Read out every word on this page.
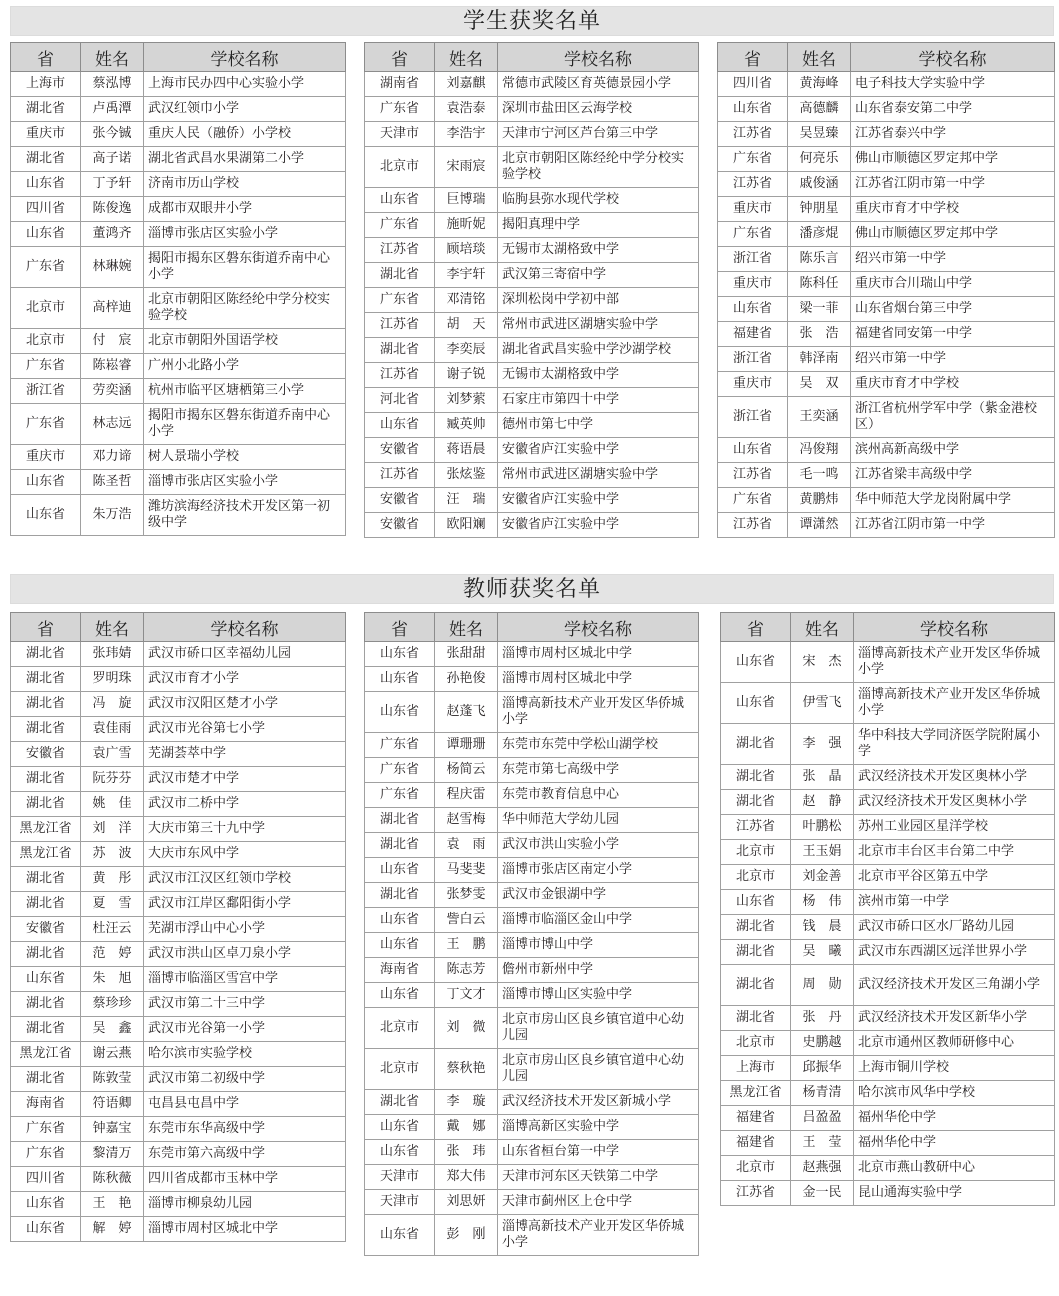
学生获奖名单
教师获奖名单
省	姓名	学校名称
上海市	蔡泓博	上海市民办四中心实验小学
湖北省	卢禹潭	武汉红领巾小学
重庆市	张今铖	重庆人民（融侨）小学校
湖北省	高子诺	湖北省武昌水果湖第二小学
山东省	丁予轩	济南市历山学校
四川省	陈俊逸	成都市双眼井小学
山东省	董鸿齐	淄博市张店区实验小学
广东省	林琳婉	揭阳市揭东区磐东街道乔南中心小学
北京市	高梓迪	北京市朝阳区陈经纶中学分校实验学校
北京市	付　宸	北京市朝阳外国语学校
广东省	陈崧睿	广州小北路小学
浙江省	劳奕涵	杭州市临平区塘栖第三小学
广东省	林志远	揭阳市揭东区磐东街道乔南中心小学
重庆市	邓力谛	树人景瑞小学校
山东省	陈圣哲	淄博市张店区实验小学
山东省	朱万浩	潍坊滨海经济技术开发区第一初级中学
省	姓名	学校名称
湖南省	刘嘉麒	常德市武陵区育英德景园小学
广东省	袁浩泰	深圳市盐田区云海学校
天津市	李浩宇	天津市宁河区芦台第三中学
北京市	宋雨宸	北京市朝阳区陈经纶中学分校实验学校
山东省	巨博瑞	临朐县弥水现代学校
广东省	施昕妮	揭阳真理中学
江苏省	顾培琰	无锡市太湖格致中学
湖北省	李宇轩	武汉第三寄宿中学
广东省	邓清铭	深圳松岗中学初中部
江苏省	胡　天	常州市武进区湖塘实验中学
湖北省	李奕辰	湖北省武昌实验中学沙湖学校
江苏省	谢子锐	无锡市太湖格致中学
河北省	刘梦萦	石家庄市第四十中学
山东省	臧英帅	德州市第七中学
安徽省	蒋语晨	安徽省庐江实验中学
江苏省	张炫鉴	常州市武进区湖塘实验中学
安徽省	汪　瑞	安徽省庐江实验中学
安徽省	欧阳斓	安徽省庐江实验中学
省	姓名	学校名称
四川省	黄海峰	电子科技大学实验中学
山东省	高德麟	山东省泰安第二中学
江苏省	吴昱臻	江苏省泰兴中学
广东省	何亮乐	佛山市顺德区罗定邦中学
江苏省	戚俊涵	江苏省江阴市第一中学
重庆市	钟朋星	重庆市育才中学校
广东省	潘彦焜	佛山市顺德区罗定邦中学
浙江省	陈乐言	绍兴市第一中学
重庆市	陈科任	重庆市合川瑞山中学
山东省	梁一菲	山东省烟台第三中学
福建省	张　浩	福建省同安第一中学
浙江省	韩泽南	绍兴市第一中学
重庆市	吴　双	重庆市育才中学校
浙江省	王奕涵	浙江省杭州学军中学（紫金港校区）
山东省	冯俊翔	滨州高新高级中学
江苏省	毛一鸣	江苏省梁丰高级中学
广东省	黄鹏炜	华中师范大学龙岗附属中学
江苏省	谭潇然	江苏省江阴市第一中学
省	姓名	学校名称
湖北省	张玮婧	武汉市硚口区幸福幼儿园
湖北省	罗明珠	武汉市育才小学
湖北省	冯　旋	武汉市汉阳区楚才小学
湖北省	袁佳雨	武汉市光谷第七小学
安徽省	袁广雪	芜湖荟萃中学
湖北省	阮芬芬	武汉市楚才中学
湖北省	姚　佳	武汉市二桥中学
黑龙江省	刘　洋	大庆市第三十九中学
黑龙江省	苏　波	大庆市东风中学
湖北省	黄　彤	武汉市江汉区红领巾学校
湖北省	夏　雪	武汉市江岸区鄱阳街小学
安徽省	杜汪云	芜湖市浮山中心小学
湖北省	范　婷	武汉市洪山区卓刀泉小学
山东省	朱　旭	淄博市临淄区雪宫中学
湖北省	蔡珍珍	武汉市第二十三中学
湖北省	吴　鑫	武汉市光谷第一小学
黑龙江省	谢云燕	哈尔滨市实验学校
湖北省	陈敦莹	武汉市第二初级中学
海南省	符语卿	屯昌县屯昌中学
广东省	钟嘉宝	东莞市东华高级中学
广东省	黎清万	东莞市第六高级中学
四川省	陈秋薇	四川省成都市玉林中学
山东省	王　艳	淄博市柳泉幼儿园
山东省	解　婷	淄博市周村区城北中学
省	姓名	学校名称
山东省	张甜甜	淄博市周村区城北中学
山东省	孙艳俊	淄博市周村区城北中学
山东省	赵蓬飞	淄博高新技术产业开发区华侨城小学
广东省	谭珊珊	东莞市东莞中学松山湖学校
广东省	杨简云	东莞市第七高级中学
广东省	程庆雷	东莞市教育信息中心
湖北省	赵雪梅	华中师范大学幼儿园
湖北省	袁　雨	武汉市洪山实验小学
山东省	马斐斐	淄博市张店区南定小学
湖北省	张梦雯	武汉市金银湖中学
山东省	訾白云	淄博市临淄区金山中学
山东省	王　鹏	淄博市博山中学
海南省	陈志芳	儋州市新州中学
山东省	丁文才	淄博市博山区实验中学
北京市	刘　微	北京市房山区良乡镇官道中心幼儿园
北京市	蔡秋艳	北京市房山区良乡镇官道中心幼儿园
湖北省	李　璇	武汉经济技术开发区新城小学
山东省	戴　娜	淄博高新区实验中学
山东省	张　玮	山东省桓台第一中学
天津市	郑大伟	天津市河东区天铁第二中学
天津市	刘思妍	天津市蓟州区上仓中学
山东省	彭　刚	淄博高新技术产业开发区华侨城小学
省	姓名	学校名称
山东省	宋　杰	淄博高新技术产业开发区华侨城小学
山东省	伊雪飞	淄博高新技术产业开发区华侨城小学
湖北省	李　强	华中科技大学同济医学院附属小学
湖北省	张　晶	武汉经济技术开发区奥林小学
湖北省	赵　静	武汉经济技术开发区奥林小学
江苏省	叶鹏松	苏州工业园区星洋学校
北京市	王玉娟	北京市丰台区丰台第二中学
北京市	刘金善	北京市平谷区第五中学
山东省	杨　伟	滨州市第一中学
湖北省	钱　晨	武汉市硚口区水厂路幼儿园
湖北省	吴　曦	武汉市东西湖区远洋世界小学
湖北省	周　勋	武汉经济技术开发区三角湖小学
湖北省	张　丹	武汉经济技术开发区新华小学
北京市	史鹏越	北京市通州区教师研修中心
上海市	邱振华	上海市铜川学校
黑龙江省	杨青清	哈尔滨市风华中学校
福建省	吕盈盈	福州华伦中学
福建省	王　莹	福州华伦中学
北京市	赵燕强	北京市燕山教研中心
江苏省	金一民	昆山通海实验中学
